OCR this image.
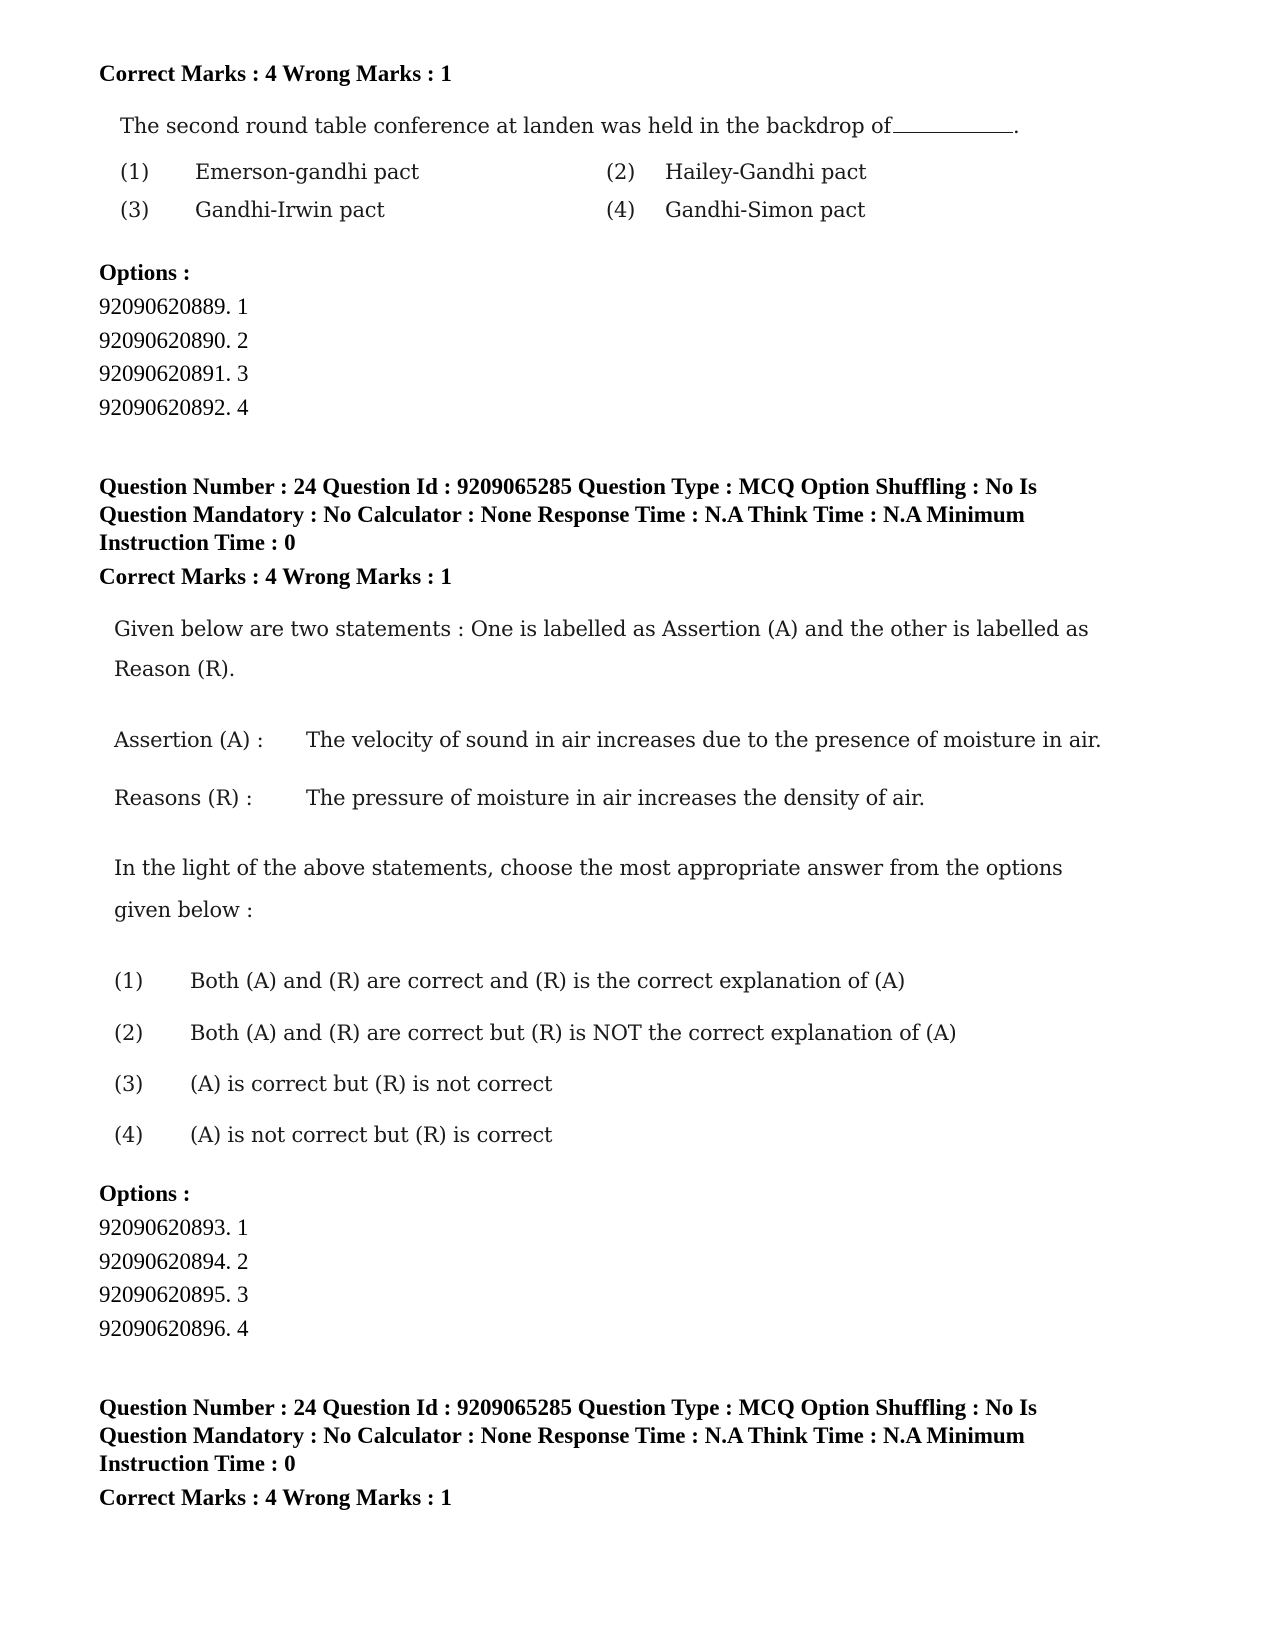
Correct Marks : 4 Wrong Marks : 1
The second round table conference at landen was held in the backdrop of	.
(1) Emerson-gandhi pact	(2) Hailey-Gandhi pact
(3) Gandhi-Irwin pact	(4) Gandhi-Simon pact
Options :
92090620889. 1
92090620890. 2
92090620891. 3
92090620892. 4
Question Number : 24 Question Id : 9209065285 Question Type : MCQ Option Shuffling : No Is
Question Mandatory : No Calculator : None Response Time : N.A Think Time : N.A Minimum
Instruction Time : 0
Correct Marks : 4 Wrong Marks : 1
Given below are two statements : One is labelled as Assertion (A) and the other is labelled as
Reason (R).
Assertion (A) : The velocity of sound in air increases due to the presence of moisture in air.
Reasons (R) :	The pressure of moisture in air increases the density of air.
In the light of the above statements, choose the most appropriate answer from the options
given below :
(1) Both (A) and (R) are correct and (R) is the correct explanation of (A)
(2) Both (A) and (R) are correct but (R) is NOT the correct explanation of (A)
(3) (A) is correct but (R) is not correct
(4) (A) is not correct but (R) is correct
Options :
92090620893. 1
92090620894. 2
92090620895. 3
92090620896. 4
Question Number : 24 Question Id : 9209065285 Question Type : MCQ Option Shuffling : No Is
Question Mandatory : No Calculator : None Response Time : N.A Think Time : N.A Minimum
Instruction Time : 0
Correct Marks : 4 Wrong Marks : 1
